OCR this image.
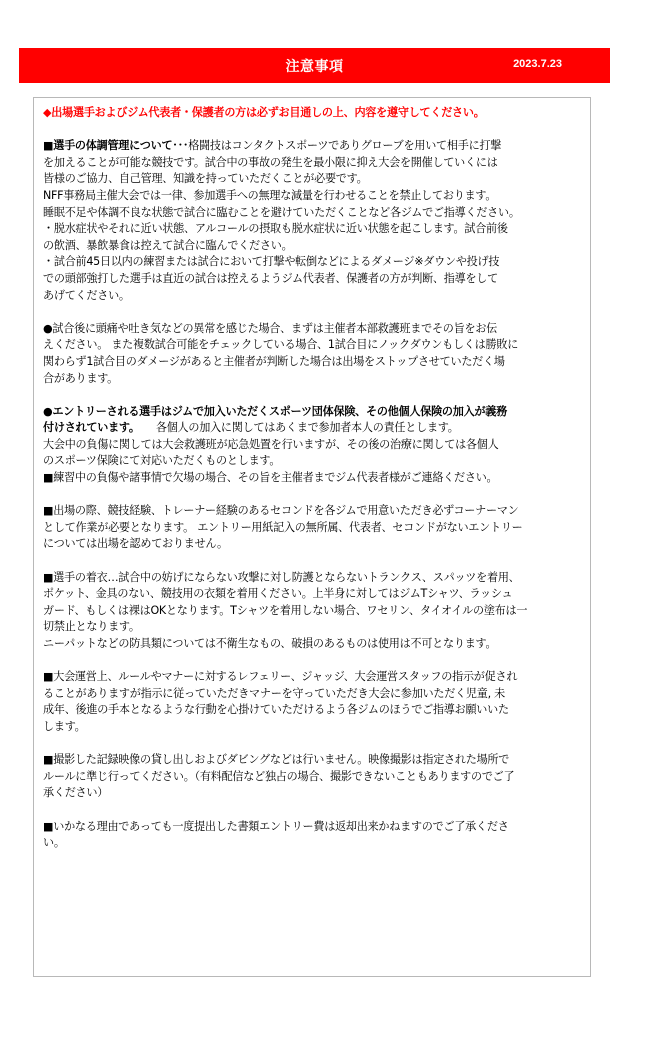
注意事項	2023.7.23

◆出場選手およびジム代表者・保護者の方は必ずお目通しの上、内容を遵守してください。

■選手の体調管理について･･･格闘技はコンタクトスポーツでありグローブを用いて相手に打撃
を加えることが可能な競技です。試合中の事故の発生を最小限に抑え大会を開催していくには
皆様のご協力、自己管理、知識を持っていただくことが必要です。
NFF事務局主催大会では一律、参加選手への無理な減量を行わせることを禁止しております。
睡眠不足や体調不良な状態で試合に臨むことを避けていただくことなど各ジムでご指導ください。
・脱水症状やそれに近い状態、アルコールの摂取も脱水症状に近い状態を起こします。試合前後
の飲酒、暴飲暴食は控えて試合に臨んでください。
・試合前45日以内の練習または試合において打撃や転倒などによるダメージ※ダウンや投げ技
での頭部強打した選手は直近の試合は控えるようジム代表者、保護者の方が判断、指導をして
あげてください。

●試合後に頭痛や吐き気などの異常を感じた場合、まずは主催者本部救護班までその旨をお伝
えください。 また複数試合可能をチェックしている場合、1試合目にノックダウンもしくは勝敗に
関わらず1試合目のダメージがあると主催者が判断した場合は出場をストップさせていただく場
合があります。

●エントリーされる選手はジムで加入いただくスポーツ団体保険、その他個人保険の加入が義務
付けされています。　　各個人の加入に関してはあくまで参加者本人の責任とします。
大会中の負傷に関しては大会救護班が応急処置を行いますが、その後の治療に関しては各個人
のスポーツ保険にて対応いただくものとします。
■練習中の負傷や諸事情で欠場の場合、その旨を主催者までジム代表者様がご連絡ください。

■出場の際、競技経験、トレーナー経験のあるセコンドを各ジムで用意いただき必ずコーナーマン
として作業が必要となります。 エントリー用紙記入の無所属、代表者、セコンドがないエントリー
については出場を認めておりません。

■選手の着衣…試合中の妨げにならない攻撃に対し防護とならないトランクス、スパッツを着用、
ポケット、金具のない、競技用の衣類を着用ください。上半身に対してはジムTシャツ、ラッシュ
ガード、もしくは裸はOKとなります。Tシャツを着用しない場合、ワセリン、タイオイルの塗布は一
切禁止となります。
ニーパットなどの防具類については不衛生なもの、破損のあるものは使用は不可となります。

■大会運営上、ルールやマナーに対するレフェリー、ジャッジ、大会運営スタッフの指示が促され
ることがありますが指示に従っていただきマナーを守っていただき大会に参加いただく児童, 未
成年、後進の手本となるような行動を心掛けていただけるよう各ジムのほうでご指導お願いいた
します。

■撮影した記録映像の貸し出しおよびダビングなどは行いません。映像撮影は指定された場所で
ルールに準じ行ってください。（有料配信など独占の場合、撮影できないこともありますのでご了
承ください）

■いかなる理由であっても一度提出した書類エントリー費は返却出来かねますのでご了承くださ
い。
